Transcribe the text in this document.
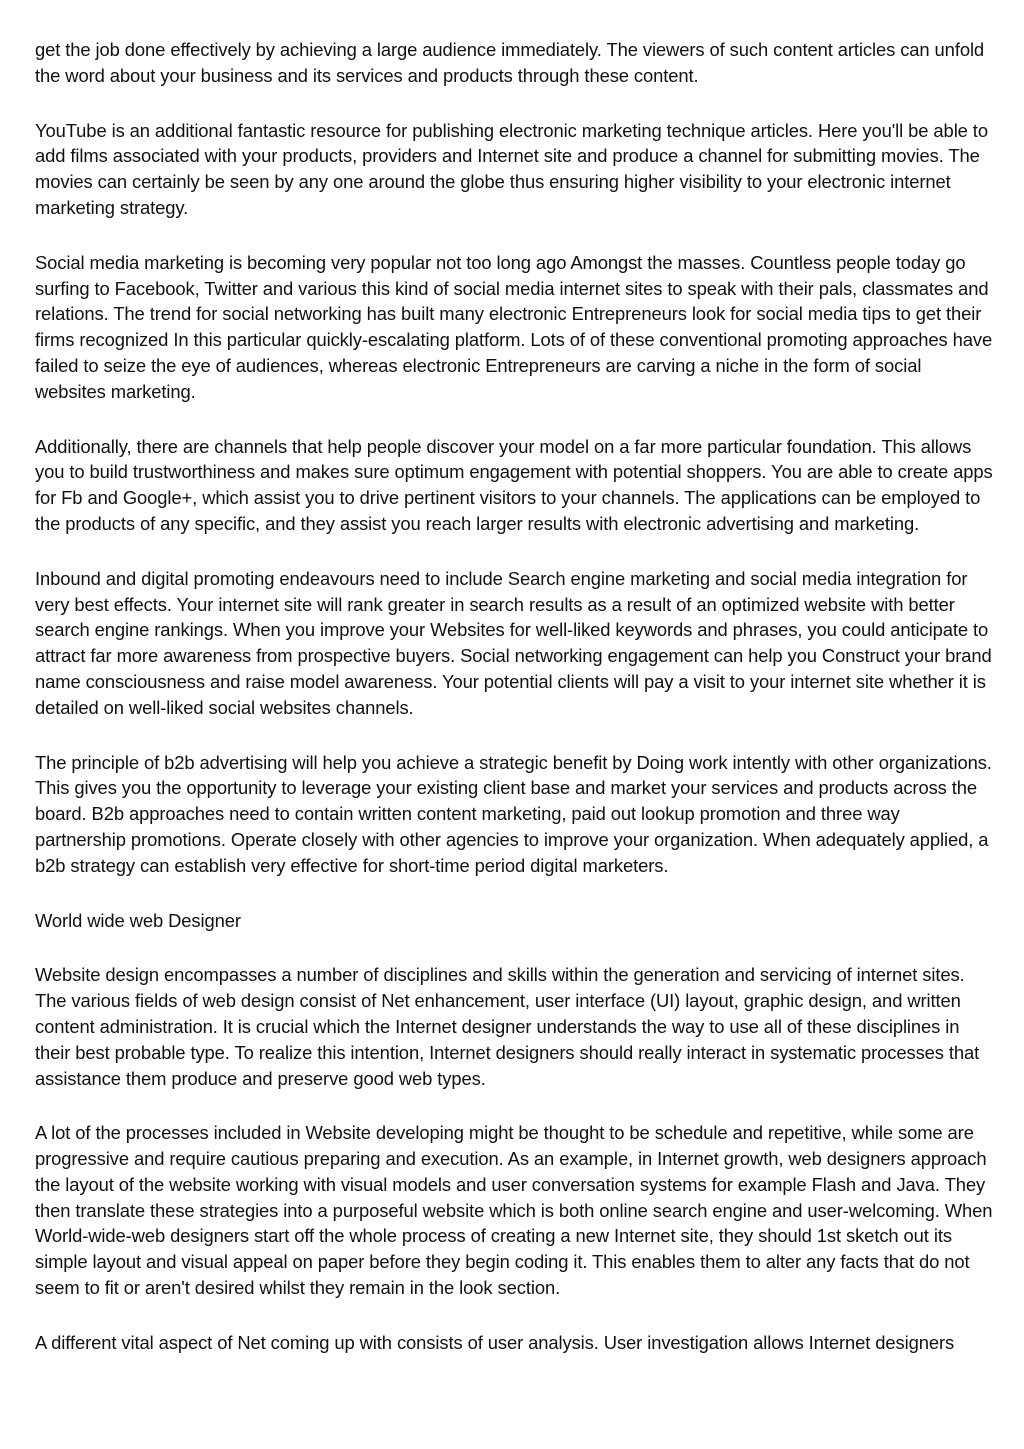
get the job done effectively by achieving a large audience immediately. The viewers of such content articles can unfold the word about your business and its services and products through these content.

YouTube is an additional fantastic resource for publishing electronic marketing technique articles. Here you'll be able to add films associated with your products, providers and Internet site and produce a channel for submitting movies. The movies can certainly be seen by any one around the globe thus ensuring higher visibility to your electronic internet marketing strategy.

Social media marketing is becoming very popular not too long ago Amongst the masses. Countless people today go surfing to Facebook, Twitter and various this kind of social media internet sites to speak with their pals, classmates and relations. The trend for social networking has built many electronic Entrepreneurs look for social media tips to get their firms recognized In this particular quickly-escalating platform. Lots of of these conventional promoting approaches have failed to seize the eye of audiences, whereas electronic Entrepreneurs are carving a niche in the form of social websites marketing.

Additionally, there are channels that help people discover your model on a far more particular foundation. This allows you to build trustworthiness and makes sure optimum engagement with potential shoppers. You are able to create apps for Fb and Google+, which assist you to drive pertinent visitors to your channels. The applications can be employed to the products of any specific, and they assist you reach larger results with electronic advertising and marketing.

Inbound and digital promoting endeavours need to include Search engine marketing and social media integration for very best effects. Your internet site will rank greater in search results as a result of an optimized website with better search engine rankings. When you improve your Websites for well-liked keywords and phrases, you could anticipate to attract far more awareness from prospective buyers. Social networking engagement can help you Construct your brand name consciousness and raise model awareness. Your potential clients will pay a visit to your internet site whether it is detailed on well-liked social websites channels.

The principle of b2b advertising will help you achieve a strategic benefit by Doing work intently with other organizations. This gives you the opportunity to leverage your existing client base and market your services and products across the board. B2b approaches need to contain written content marketing, paid out lookup promotion and three way partnership promotions. Operate closely with other agencies to improve your organization. When adequately applied, a b2b strategy can establish very effective for short-time period digital marketers.

World wide web Designer

Website design encompasses a number of disciplines and skills within the generation and servicing of internet sites. The various fields of web design consist of Net enhancement, user interface (UI) layout, graphic design, and written content administration. It is crucial which the Internet designer understands the way to use all of these disciplines in their best probable type. To realize this intention, Internet designers should really interact in systematic processes that assistance them produce and preserve good web types.

A lot of the processes included in Website developing might be thought to be schedule and repetitive, while some are progressive and require cautious preparing and execution. As an example, in Internet growth, web designers approach the layout of the website working with visual models and user conversation systems for example Flash and Java. They then translate these strategies into a purposeful website which is both online search engine and user-welcoming. When World-wide-web designers start off the whole process of creating a new Internet site, they should 1st sketch out its simple layout and visual appeal on paper before they begin coding it. This enables them to alter any facts that do not seem to fit or aren't desired whilst they remain in the look section.

A different vital aspect of Net coming up with consists of user analysis. User investigation allows Internet designers
